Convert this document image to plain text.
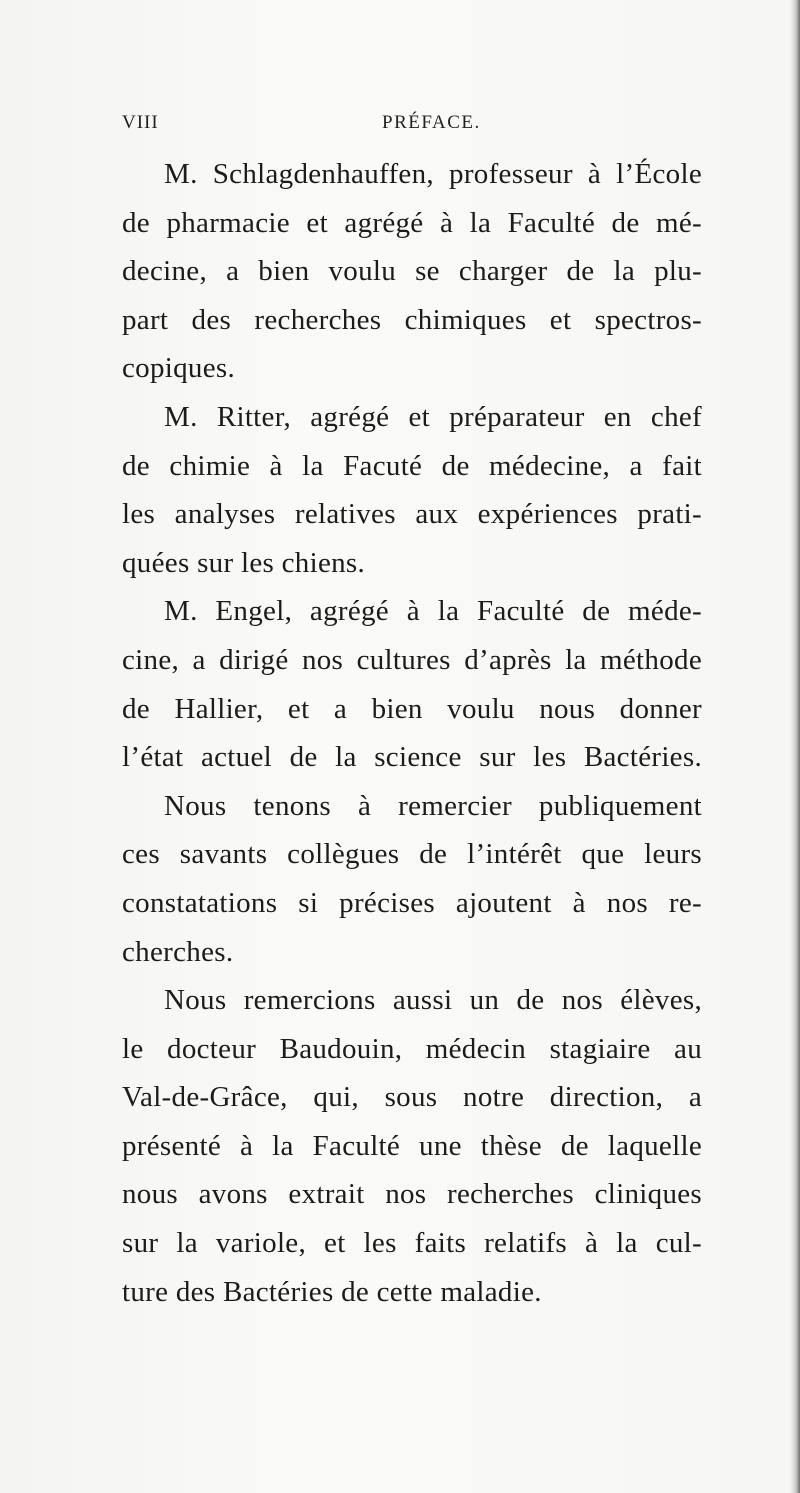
VIII	PRÉFACE.
M. Schlagdenhauffen, professeur à l’École
de pharmacie et agrégé à la Faculté de mé-
decine, a bien voulu se charger de la plu-
part des recherches chimiques et spectros-
copiques.
M. Ritter, agrégé et préparateur en chef
de chimie à la Facuté de médecine, a fait
les analyses relatives aux expériences prati-
quées sur les chiens.
M. Engel, agrégé à la Faculté de méde-
cine, a dirigé nos cultures d’après la méthode
de Hallier, et a bien voulu nous donner
l’état actuel de la science sur les Bactéries.
Nous tenons à remercier publiquement
ces savants collègues de l’intérêt que leurs
constatations si précises ajoutent à nos re-
cherches.
Nous remercions aussi un de nos élèves,
le docteur Baudouin, médecin stagiaire au
Val-de-Grâce, qui, sous notre direction, a
présenté à la Faculté une thèse de laquelle
nous avons extrait nos recherches cliniques
sur la variole, et les faits relatifs à la cul-
ture des Bactéries de cette maladie.
